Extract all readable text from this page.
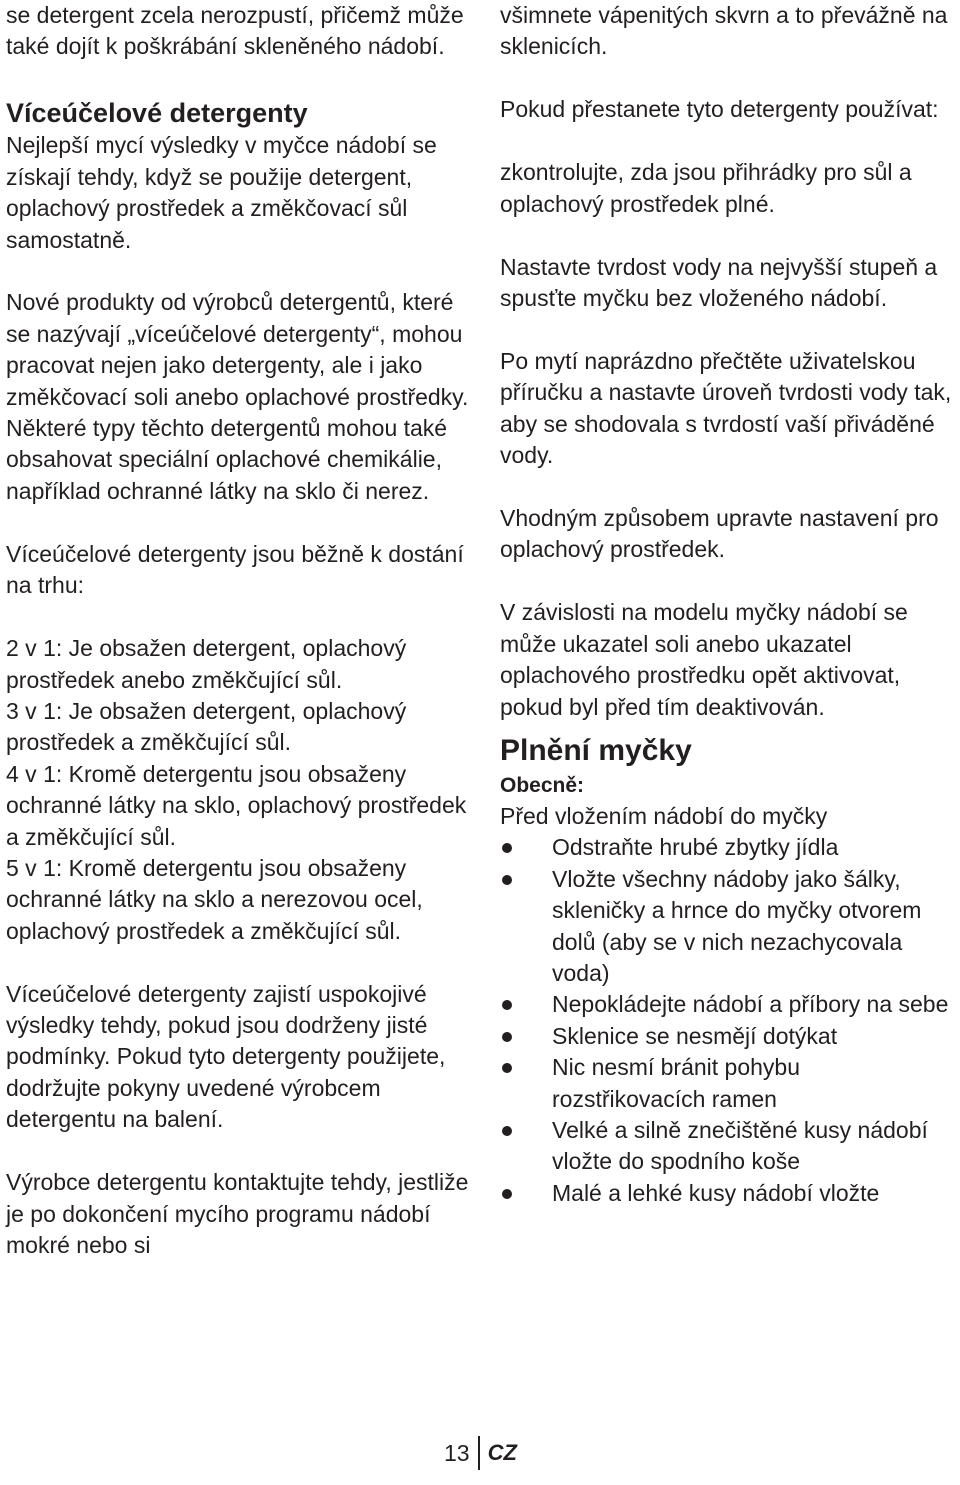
se detergent zcela nerozpustí, přičemž může také dojít k poškrábání skleněného nádobí.

Víceúčelové detergenty

Nejlepší mycí výsledky v myčce nádobí se získají tehdy, když se použije detergent, oplachový prostředek a změkčovací sůl samostatně.

Nové produkty od výrobců detergentů, které se nazývají „víceúčelové detergenty“, mohou pracovat nejen jako detergenty, ale i jako změkčovací soli anebo oplachové prostředky. Některé typy těchto detergentů mohou také obsahovat speciální oplachové chemikálie, například ochranné látky na sklo či nerez.

Víceúčelové detergenty jsou běžně k dostání na trhu:

2 v 1: Je obsažen detergent, oplachový prostředek anebo změkčující sůl.

3 v 1: Je obsažen detergent, oplachový prostředek a změkčující sůl.

4 v 1: Kromě detergentu jsou obsaženy ochranné látky na sklo, oplachový prostředek a změkčující sůl.

5 v 1: Kromě detergentu jsou obsaženy ochranné látky na sklo a nerezovou ocel, oplachový prostředek a změkčující sůl.

Víceúčelové detergenty zajistí uspokojivé výsledky tehdy, pokud jsou dodrženy jisté podmínky. Pokud tyto detergenty použijete, dodržujte pokyny uvedené výrobcem detergentu na balení.

Výrobce detergentu kontaktujte tehdy, jestliže je po dokončení mycího programu nádobí mokré nebo si

všimnete vápenitých skvrn a to převážně na sklenicích.

Pokud přestanete tyto detergenty používat:

zkontrolujte, zda jsou přihrádky pro sůl a oplachový prostředek plné.

Nastavte tvrdost vody na nejvyšší stupeň a spusťte myčku bez vloženého nádobí.

Po mytí naprázdno přečtěte uživatelskou příručku a nastavte úroveň tvrdosti vody tak, aby se shodovala s tvrdostí vaší přiváděné vody.

Vhodným způsobem upravte nastavení pro oplachový prostředek.

V závislosti na modelu myčky nádobí se může ukazatel soli anebo ukazatel oplachového prostředku opět aktivovat, pokud byl před tím deaktivován.

Plnění myčky
Obecně:

Před vložením nádobí do myčky

Odstraňte hrubé zbytky jídla
Vložte všechny nádoby jako šálky, skleničky a hrnce do myčky otvorem dolů (aby se v nich nezachycovala voda)
Nepokládejte nádobí a příbory na sebe
Sklenice se nesmějí dotýkat
Nic nesmí bránit pohybu rozstřikovacích ramen
Velké a silně znečištěné kusy nádobí vložte do spodního koše
Malé a lehké kusy nádobí vložte
13 CZ
